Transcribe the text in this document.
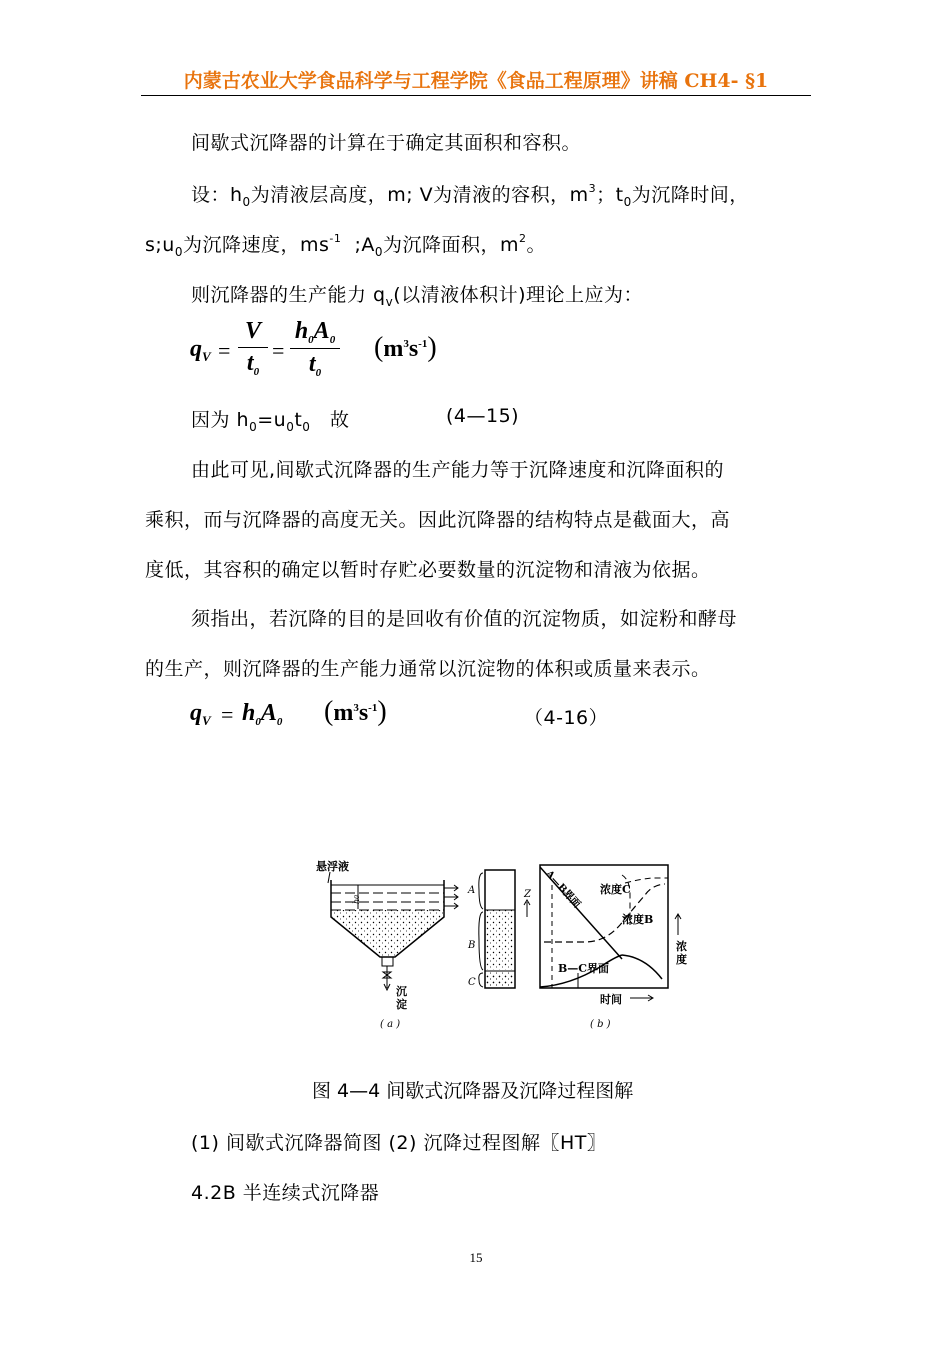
内蒙古农业大学食品科学与工程学院《食品工程原理》讲稿 CH4- §1
间歇式沉降器的计算在于确定其面积和容积。
设：$h_0$为清液层高度，m; V为清液的容积，$m^3$；$t_0$为沉降时间，
$s;u_0$为沉降速度，$ms^{-1}$  $;A_0$为沉降面积，$m^2$。
则沉降器的生产能力 $q_v$(以清液体积计)理论上应为：
$q_V$ =
V
$t_0$
=
$h_0A_0$
$t_0$
$(m^3s^{-1})$
因为 $h_0=u_0t_0$   故	(4—15)
由此可见,间歇式沉降器的生产能力等于沉降速度和沉降面积的
乘积，而与沉降器的高度无关。因此沉降器的结构特点是截面大，高
度低，其容积的确定以暂时存贮必要数量的沉淀物和清液为依据。
须指出，若沉降的目的是回收有价值的沉淀物质，如淀粉和酵母
的生产，则沉降器的生产能力通常以沉淀物的体积或质量来表示。
$q_V = h_0A_0$ $(m^3s^{-1})$	（4-16）
悬浮液
h0
沉
淀
( a )
A
B
C
Z A—B界面 浓度C
浓度B
B—C界面
时间
浓
度
( b )
图 4—4 间歇式沉降器及沉降过程图解
(1) 间歇式沉降器简图 (2) 沉降过程图解〖HT〗
4.2B 半连续式沉降器
15
